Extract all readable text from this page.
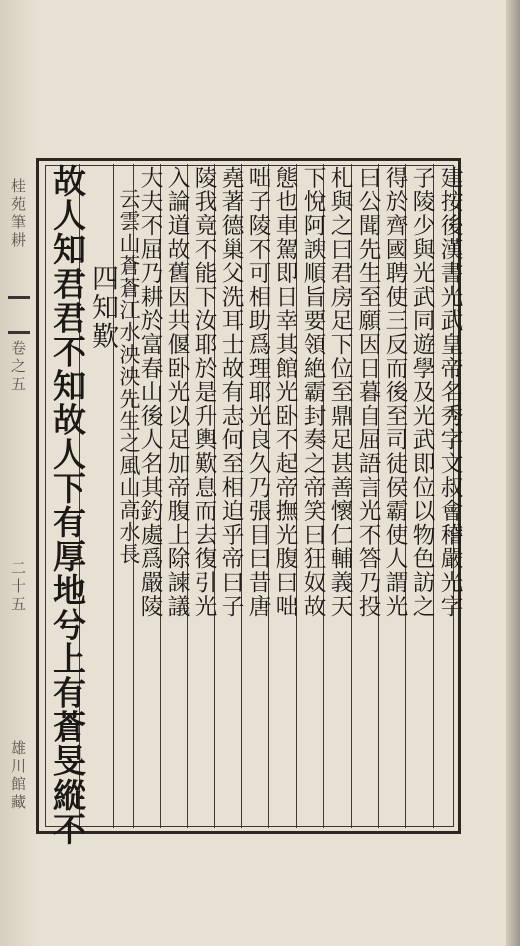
建按後漢書光武皇帝名秀字文叔會稽嚴光字
子陵少與光武同遊學及光武即位以物色訪之
得於齊國聘使三反而後至司徒侯霸使人謂光
曰公聞先生至願因日暮自屈語言光不答乃投
札與之曰君房足下位至鼎足甚善懷仁輔義天
下悅阿諛順旨要領絶霸封奏之帝笑曰狂奴故
態也車駕即日幸其館光卧不起帝撫光腹曰咄
咄子陵不可相助爲理耶光良久乃張目曰昔唐
堯著德巢父洗耳士故有志何至相迫乎帝曰子
陵我竟不能下汝耶於是升輿歎息而去復引光
入論道故舊因共偃卧光以足加帝腹上除諫議
大夫不屈乃耕於富春山後人名其釣處爲嚴陵
四知歎
故人知君君不知故人下有厚地兮上有蒼旻縱不
桂苑筆耕
卷之五
二十五
雄川館藏
云雲山蒼蒼江水泱泱先生之風山高水長
